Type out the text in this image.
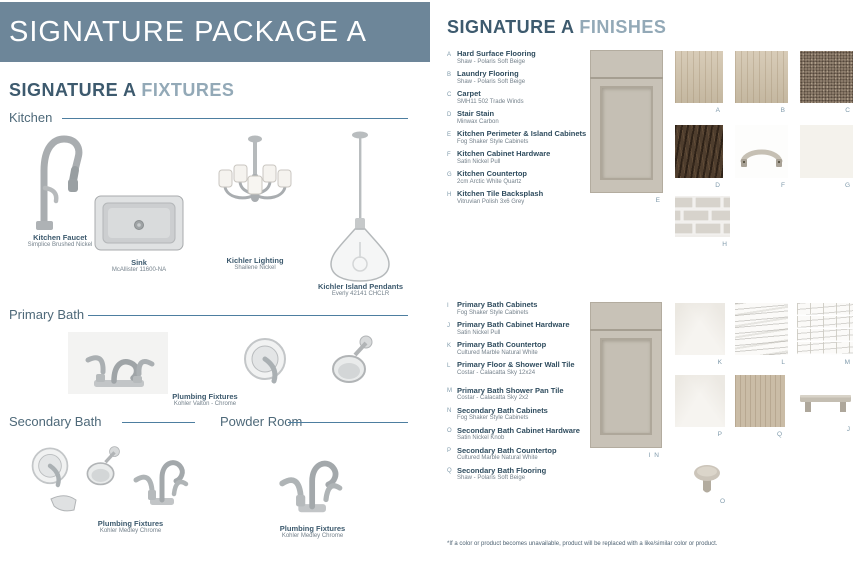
SIGNATURE PACKAGE A
SIGNATURE A FIXTURES
Kitchen
Kitchen Faucet
Simplice Brushed Nickel
Sink
McAllister 11600-NA
Kichler Lighting
Shailene Nickel
Kichler Island Pendants
Everly 42141 CHCLR
Primary Bath
Plumbing Fixtures
Kohler Valton - Chrome
Secondary Bath	Powder Room
Plumbing Fixtures
Kohler Medley Chrome	Plumbing Fixtures
Kohler Medley Chrome
SIGNATURE A FINISHES
A Hard Surface Flooring
Shaw - Polaris Soft Beige
B Laundry Flooring
Shaw - Polaris Soft Beige
C Carpet
SMH11 502 Trade Winds
D Stair Stain
Minwax Carbon
E Kitchen Perimeter & Island Cabinets
Fog Shaker Style Cabinets
F Kitchen Cabinet Hardware
Satin Nickel Pull
G Kitchen Countertop
2cm Arctic White Quartz
H Kitchen Tile Backsplash
Vitruvian Polish 3x6 Grey
I	Primary Bath Cabinets
Fog Shaker Style Cabinets
J Primary Bath Cabinet Hardware
Satin Nickel Pull
K Primary Bath Countertop
Cultured Marble Natural White
L Primary Floor & Shower Wall Tile
Costar - Calacatta Sky 12x24
M Primary Bath Shower Pan Tile
Costar - Calacatta Sky 2x2
N Secondary Bath Cabinets
Fog Shaker Style Cabinets
O Secondary Bath Cabinet Hardware
Satin Nickel Knob
P Secondary Bath Countertop
Cultured Marble Natural White
Q Secondary Bath Flooring
Shaw - Polaris Soft Beige
E
A	B	C
D	F	G
H
I N
K	L	M
P	Q
J
O
*If a color or product becomes unavailable, product will be replaced with a like/similar color or product.
